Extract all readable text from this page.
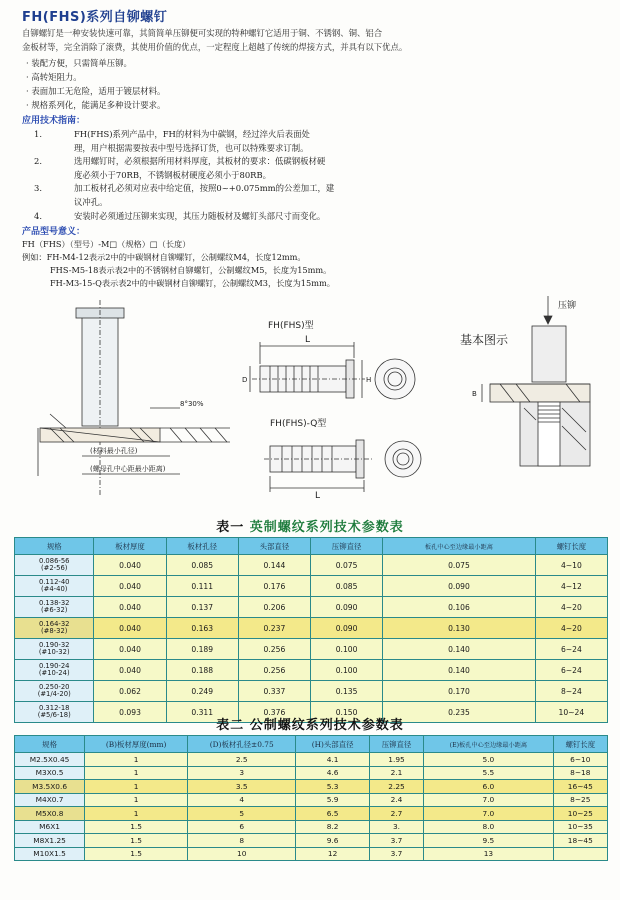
FH(FHS)系列自铆螺钉
自铆螺钉是一种安装快速可靠，其简简单压铆便可实现的特种螺钉它适用于铜、不锈钢、铜、铝合
金板材等，完全消除了滚费，其使用价值的优点，一定程度上超越了传统的焊接方式，并具有以下优点。
· 装配方便，只需简单压铆。
· 高转矩阻力。
· 表面加工无危险，适用于镀层材料。
· 规格系列化，能满足多种设计要求。
应用技术指南：
1.	FH(FHS)系列产品中，FH的材料为中碳钢，经过淬火后表面处
理，用户根据需要按表中型号选择订货，也可以特殊要求订制。
2.	选用螺钉时，必须根据所用材料厚度，其板材的要求：低碳钢板材硬
度必须小于70RB，不锈钢板材硬度必须小于80RB。
3.	加工板材孔必须对应表中给定值，按照0~+0.075mm的公差加工，建
议冲孔。
4.	安装时必须通过压铆来实现，其压力随板材及螺钉头部尺寸而变化。
产品型号意义：
FH（FHS）（型号）-M□（规格）□（长度）
例如：FH-M4-12表示2中的中碳钢材自铆螺钉，公制螺纹M4，长度12mm。
FHS-M5-18表示表2中的不锈钢材自铆螺钉，公制螺纹M5，长度为15mm。
FH-M3-15-Q表示表2中的中碳钢材自铆螺钉，公制螺纹M3，长度为15mm。
FH(FHS)型
FH(FHS)-Q型
基本图示
压铆
L
L
D	H
B
8°30%
(材料最小孔径)
(螺母孔中心距最小距离)
表一 英制螺纹系列技术参数表
规格	板材厚度	板材孔径	头部直径	压铆直径	板孔中心至边缘最小距离	螺钉长度

0.086-56
(#2-56)	0.040	0.085	0.144	0.075	0.075	4~10

0.112-40
(#4-40)	0.040	0.111	0.176	0.085	0.090	4~12

0.138-32
(#6-32)	0.040	0.137	0.206	0.090	0.106	4~20

0.164-32
(#8-32)	0.040	0.163	0.237	0.090	0.130	4~20

0.190-32
(#10-32)	0.040	0.189	0.256	0.100	0.140	6~24

0.190-24
(#10-24)	0.040	0.188	0.256	0.100	0.140	6~24

0.250-20
(#1/4-20)	0.062	0.249	0.337	0.135	0.170	8~24

0.312-18
(#5/6-18)	0.093	0.311	0.376	0.150	0.235	10~24
表二 公制螺纹系列技术参数表
规格	(B)板材厚度(mm)	(D)板材孔径±0.75	(H)头部直径	压铆直径	(E)板孔中心至边缘最小距离	螺钉长度
M2.5X0.45	1	2.5	4.1	1.95	5.0	6~10
M3X0.5	1	3	4.6	2.1	5.5	8~18
M3.5X0.6	1	3.5	5.3	2.25	6.0	16~45
M4X0.7	1	4	5.9	2.4	7.0	8~25
M5X0.8	1	5	6.5	2.7	7.0	10~25
M6X1	1.5	6	8.2	3.	8.0	10~35
M8X1.25	1.5	8	9.6	3.7	9.5	18~45
M10X1.5	1.5	10	12	3.7	13	
